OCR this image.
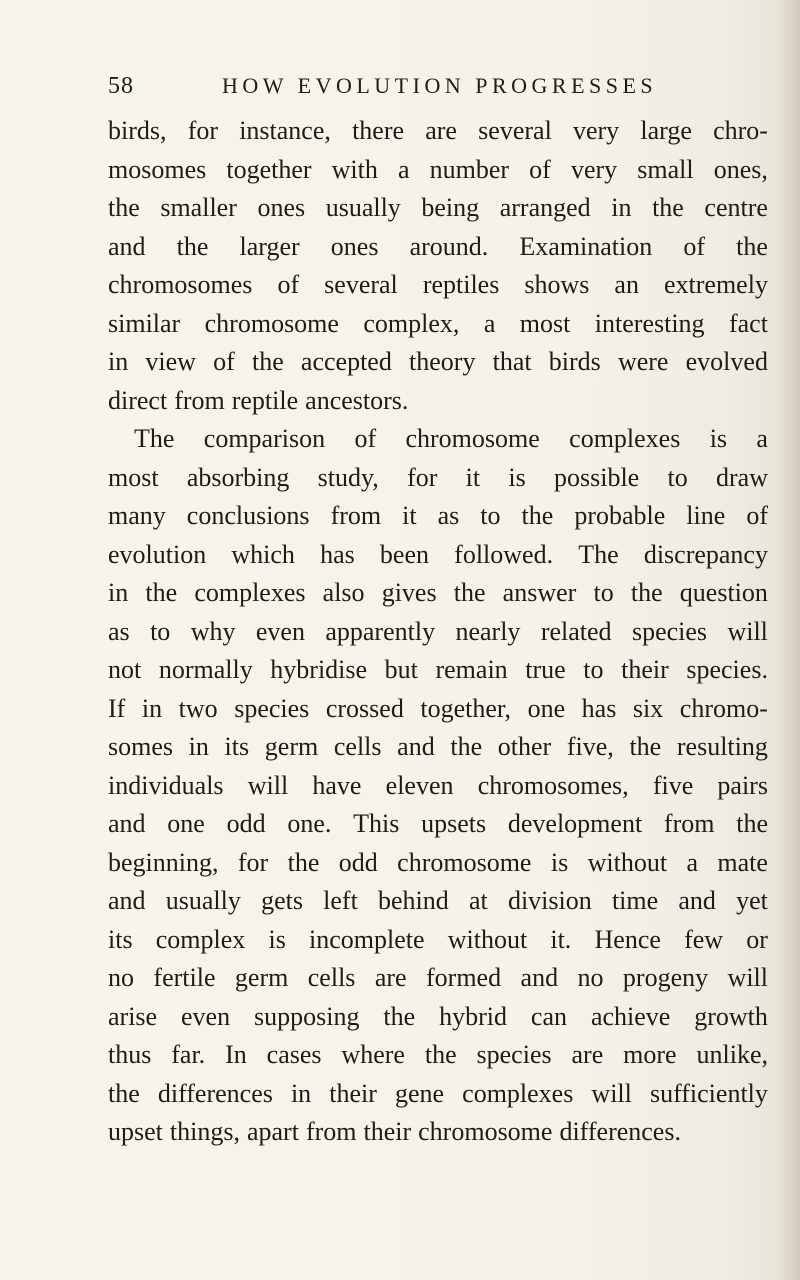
58	HOW EVOLUTION PROGRESSES
birds, for instance, there are several very large chro-
mosomes together with a number of very small ones,
the smaller ones usually being arranged in the centre
and the larger ones around. Examination of the
chromosomes of several reptiles shows an extremely
similar chromosome complex, a most interesting fact
in view of the accepted theory that birds were evolved
direct from reptile ancestors.
The comparison of chromosome complexes is a
most absorbing study, for it is possible to draw
many conclusions from it as to the probable line of
evolution which has been followed. The discrepancy
in the complexes also gives the answer to the question
as to why even apparently nearly related species will
not normally hybridise but remain true to their species.
If in two species crossed together, one has six chromo-
somes in its germ cells and the other five, the resulting
individuals will have eleven chromosomes, five pairs
and one odd one. This upsets development from the
beginning, for the odd chromosome is without a mate
and usually gets left behind at division time and yet
its complex is incomplete without it. Hence few or
no fertile germ cells are formed and no progeny will
arise even supposing the hybrid can achieve growth
thus far. In cases where the species are more unlike,
the differences in their gene complexes will sufficiently
upset things, apart from their chromosome differences.
